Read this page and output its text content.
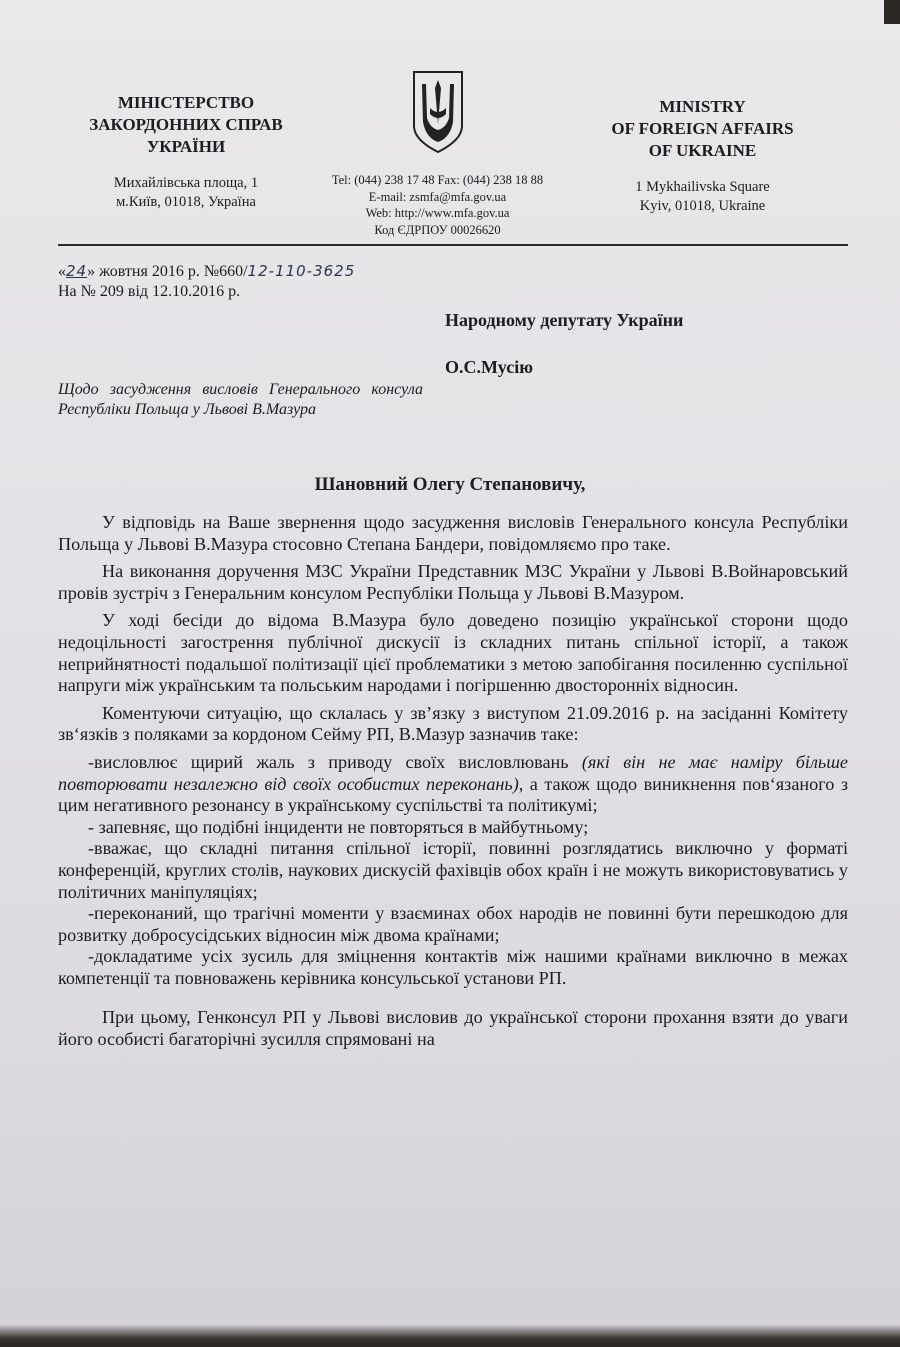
МІНІСТЕРСТВО
ЗАКОРДОННИХ СПРАВ
УКРАЇНИ
MINISTRY
OF FOREIGN AFFAIRS
OF UKRAINE
Михайлівська площа, 1
м.Київ, 01018, Україна
Tel: (044) 238 17 48 Fax: (044) 238 18 88
E-mail: zsmfa@mfa.gov.ua
Web: http://www.mfa.gov.ua
Код ЄДРПОУ 00026620
1 Mykhailivska Square
Kyiv, 01018, Ukraine
«24» жовтня 2016 р. №660/12-110-3625
На № 209 від 12.10.2016 р.
Народному депутату України
О.С.Мусію
Щодо засудження висловів Генерального консула Республіки Польща у Львові В.Мазура
Шановний Олегу Степановичу,

У відповідь на Ваше звернення щодо засудження висловів Генерального консула Республіки Польща у Львові В.Мазура стосовно Степана Бандери, повідомляємо про таке.

На виконання доручення МЗС України Представник МЗС України у Львові В.Войнаровський провів зустріч з Генеральним консулом Республіки Польща у Львові В.Мазуром.

У ході бесіди до відома В.Мазура було доведено позицію української сторони щодо недоцільності загострення публічної дискусії із складних питань спільної історії, а також неприйнятності подальшої політизації цієї проблематики з метою запобігання посиленню суспільної напруги між українським та польським народами і погіршенню двосторонніх відносин.

Коментуючи ситуацію, що склалась у зв’язку з виступом 21.09.2016 р. на засіданні Комітету зв‘язків з поляками за кордоном Сейму РП, В.Мазур зазначив таке:

-висловлює щирий жаль з приводу своїх висловлювань (які він не має наміру більше повторювати незалежно від своїх особистих переконань), а також щодо виникнення пов‘язаного з цим негативного резонансу в українському суспільстві та політикумі;

- запевняє, що подібні інциденти не повторяться в майбутньому;

-вважає, що складні питання спільної історії, повинні розглядатись виключно у форматі конференцій, круглих столів, наукових дискусій фахівців обох країн і не можуть використовуватись у політичних маніпуляціях;

-переконаний, що трагічні моменти у взаєминах обох народів не повинні бути перешкодою для розвитку добросусідських відносин між двома країнами;

-докладатиме усіх зусиль для зміцнення контактів між нашими країнами виключно в межах компетенції та повноважень керівника консульської установи РП.

При цьому, Генконсул РП у Львові висловив до української сторони прохання взяти до уваги його особисті багаторічні зусилля спрямовані на
